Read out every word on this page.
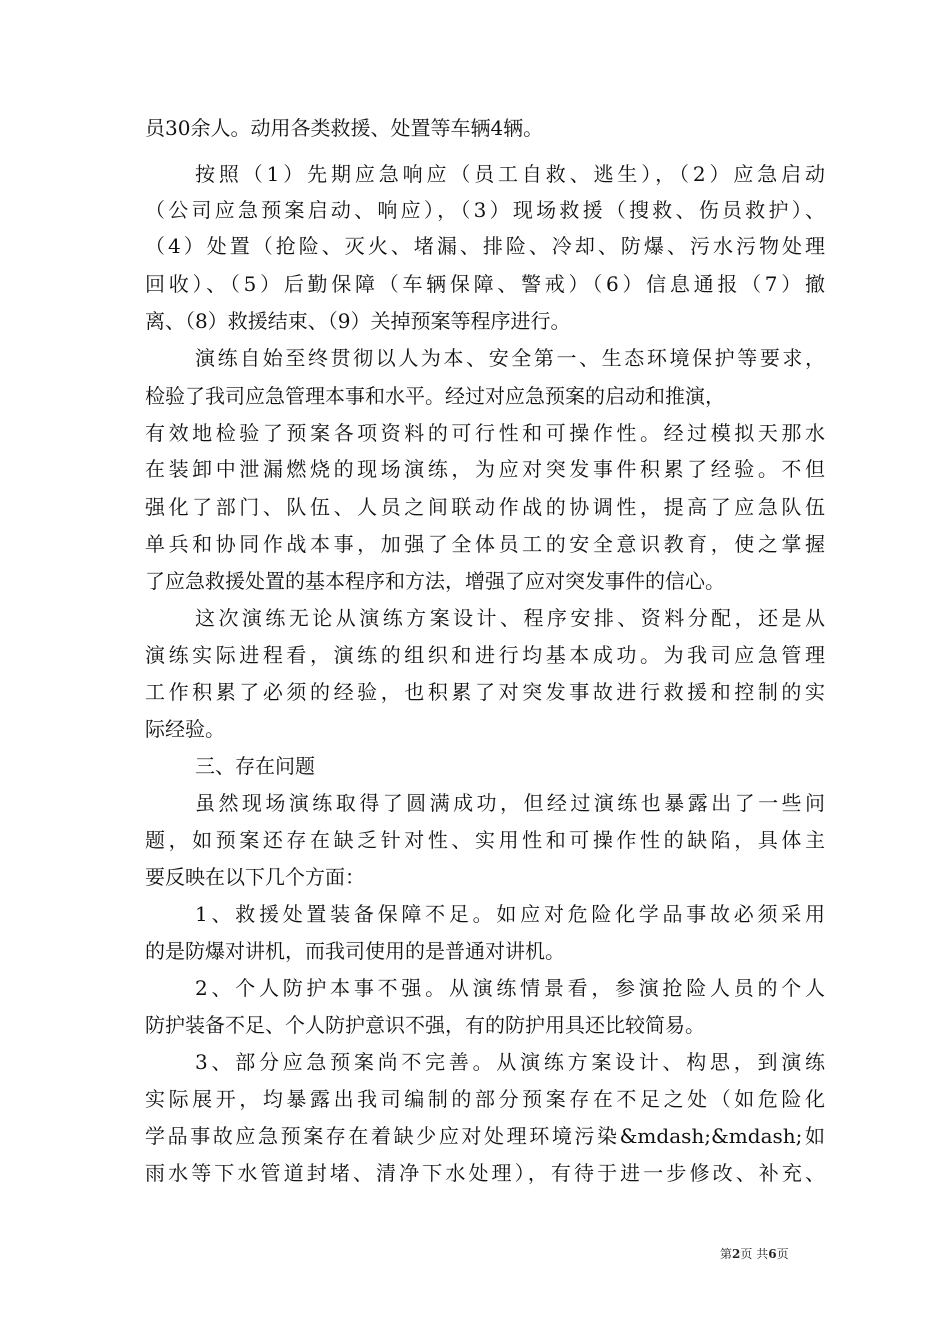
员30余人。动用各类救援、处置等车辆4辆。
按照（1）先期应急响应（员工自救、逃生），（2）应急启动
（公司应急预案启动、响应），（3）现场救援（搜救、伤员救护）、
（4）处置（抢险、灭火、堵漏、排险、冷却、防爆、污水污物处理
回收）、（5）后勤保障（车辆保障、警戒）（6）信息通报（7）撤
离、（8）救援结束、（9）关掉预案等程序进行。
演练自始至终贯彻以人为本、安全第一、生态环境保护等要求，
检验了我司应急管理本事和水平。经过对应急预案的启动和推演，
有效地检验了预案各项资料的可行性和可操作性。经过模拟天那水
在装卸中泄漏燃烧的现场演练，为应对突发事件积累了经验。不但
强化了部门、队伍、人员之间联动作战的协调性，提高了应急队伍
单兵和协同作战本事，加强了全体员工的安全意识教育，使之掌握
了应急救援处置的基本程序和方法，增强了应对突发事件的信心。
这次演练无论从演练方案设计、程序安排、资料分配，还是从
演练实际进程看，演练的组织和进行均基本成功。为我司应急管理
工作积累了必须的经验，也积累了对突发事故进行救援和控制的实
际经验。
三、存在问题
虽然现场演练取得了圆满成功，但经过演练也暴露出了一些问
题，如预案还存在缺乏针对性、实用性和可操作性的缺陷，具体主
要反映在以下几个方面：
1、救援处置装备保障不足。如应对危险化学品事故必须采用
的是防爆对讲机，而我司使用的是普通对讲机。
2、个人防护本事不强。从演练情景看，参演抢险人员的个人
防护装备不足、个人防护意识不强，有的防护用具还比较简易。
3、部分应急预案尚不完善。从演练方案设计、构思，到演练
实际展开，均暴露出我司编制的部分预案存在不足之处（如危险化
学品事故应急预案存在着缺少应对处理环境污染&mdash;&mdash;如
雨水等下水管道封堵、清净下水处理），有待于进一步修改、补充、
第2页 共6页
